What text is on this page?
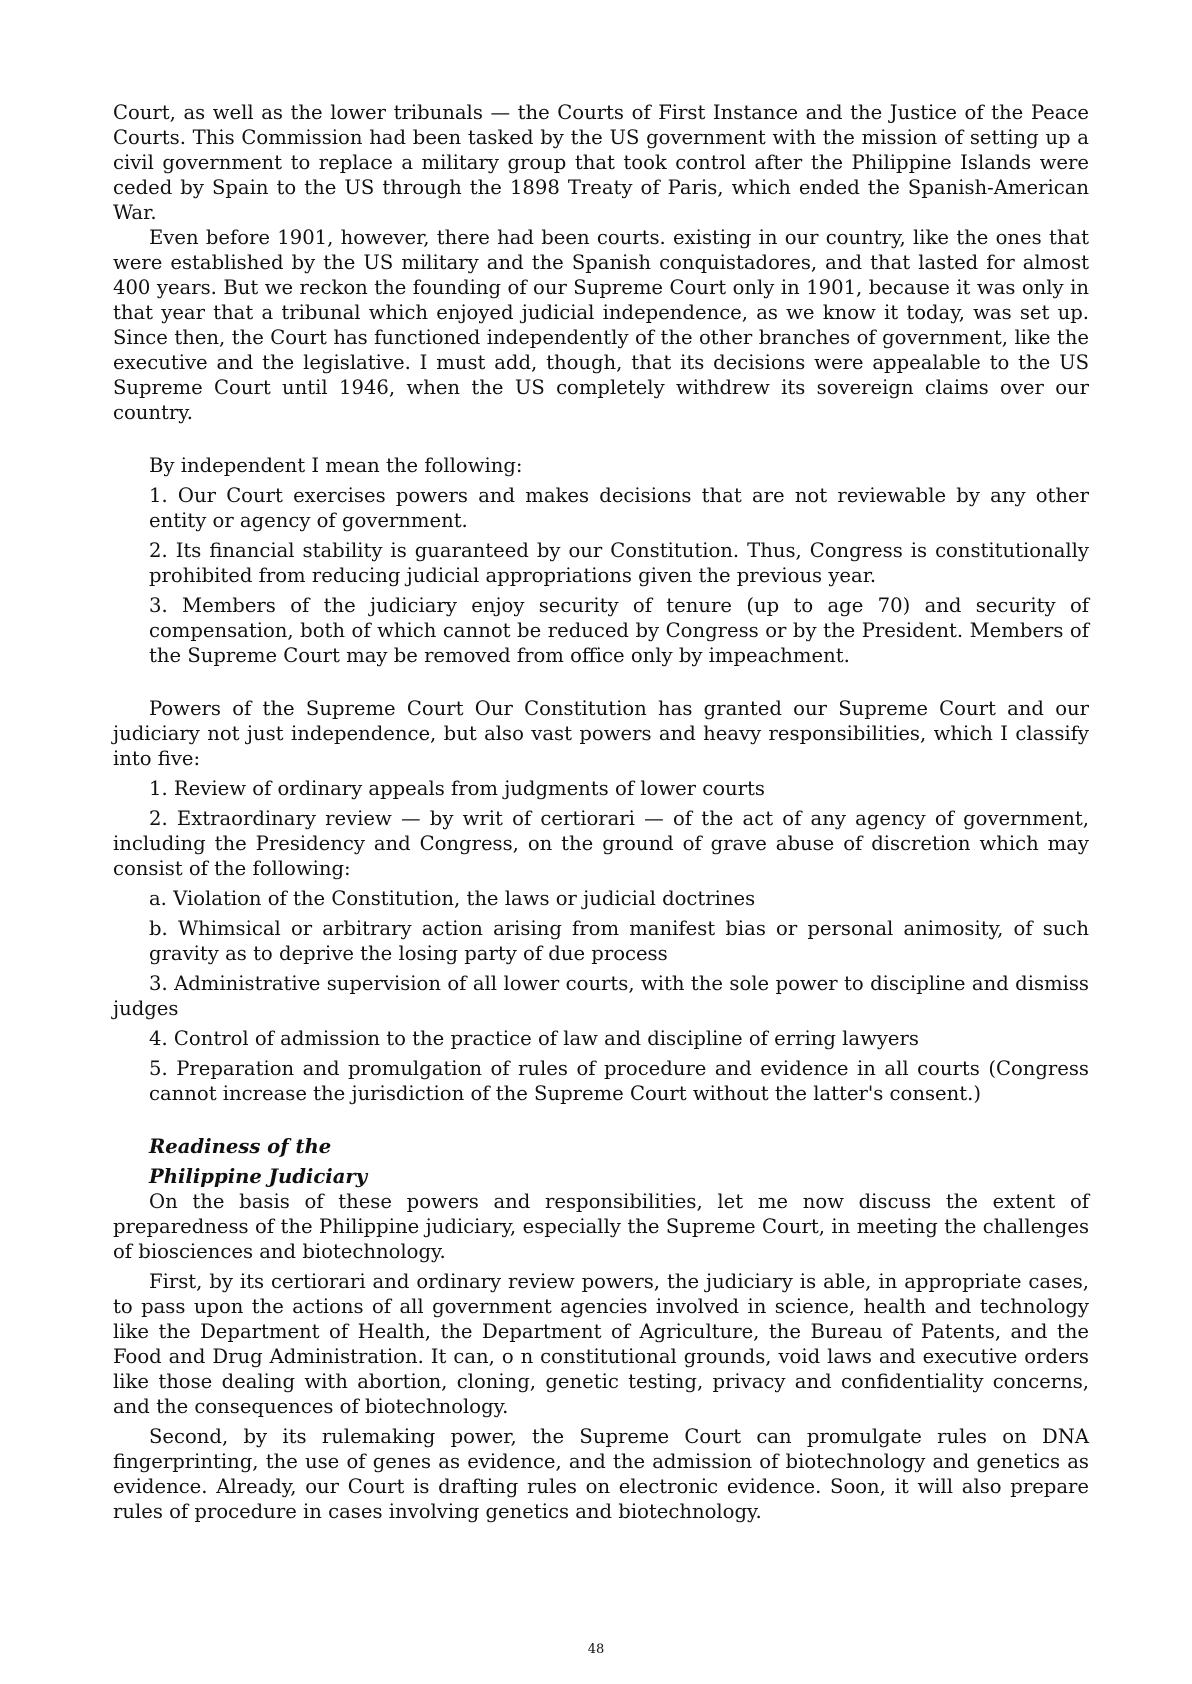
Court, as well as the lower tribunals — the Courts of First Instance and the Justice of the Peace Courts. This Commission had been tasked by the US government with the mission of setting up a civil government to replace a military group that took control after the Philippine Islands were ceded by Spain to the US through the 1898 Treaty of Paris, which ended the Spanish-American War.

Even before 1901, however, there had been courts. existing in our country, like the ones that were established by the US military and the Spanish conquistadores, and that lasted for almost 400 years. But we reckon the founding of our Supreme Court only in 1901, because it was only in that year that a tribunal which enjoyed judicial independence, as we know it today, was set up. Since then, the Court has functioned independently of the other branches of government, like the executive and the legislative. I must add, though, that its decisions were appealable to the US Supreme Court until 1946, when the US completely withdrew its sovereign claims over our country.

By independent I mean the following:

1. Our Court exercises powers and makes decisions that are not reviewable by any other entity or agency of government.

2. Its financial stability is guaranteed by our Constitution. Thus, Congress is constitutionally prohibited from reducing judicial appropriations given the previous year.

3. Members of the judiciary enjoy security of tenure (up to age 70) and security of compensation, both of which cannot be reduced by Congress or by the President. Members of the Supreme Court may be removed from office only by impeachment.

Powers of the Supreme Court Our Constitution has granted our Supreme Court and our judiciary not just independence, but also vast powers and heavy responsibilities, which I classify into five:

1. Review of ordinary appeals from judgments of lower courts

2. Extraordinary review — by writ of certiorari — of the act of any agency of government, including the Presidency and Congress, on the ground of grave abuse of discretion which may consist of the following:

a. Violation of the Constitution, the laws or judicial doctrines

b. Whimsical or arbitrary action arising from manifest bias or personal animosity, of such gravity as to deprive the losing party of due process

3. Administrative supervision of all lower courts, with the sole power to discipline and dismiss judges

4. Control of admission to the practice of law and discipline of erring lawyers

5. Preparation and promulgation of rules of procedure and evidence in all courts (Congress cannot increase the jurisdiction of the Supreme Court without the latter's consent.)

Readiness of the

Philippine Judiciary

On the basis of these powers and responsibilities, let me now discuss the extent of preparedness of the Philippine judiciary, especially the Supreme Court, in meeting the challenges of biosciences and biotechnology.

First, by its certiorari and ordinary review powers, the judiciary is able, in appropriate cases, to pass upon the actions of all government agencies involved in science, health and technology like the Department of Health, the Department of Agriculture, the Bureau of Patents, and the Food and Drug Administration. It can, o n constitutional grounds, void laws and executive orders like those dealing with abortion, cloning, genetic testing, privacy and confidentiality concerns, and the consequences of biotechnology.

Second, by its rulemaking power, the Supreme Court can promulgate rules on DNA fingerprinting, the use of genes as evidence, and the admission of biotechnology and genetics as evidence. Already, our Court is drafting rules on electronic evidence. Soon, it will also prepare rules of procedure in cases involving genetics and biotechnology.

48
